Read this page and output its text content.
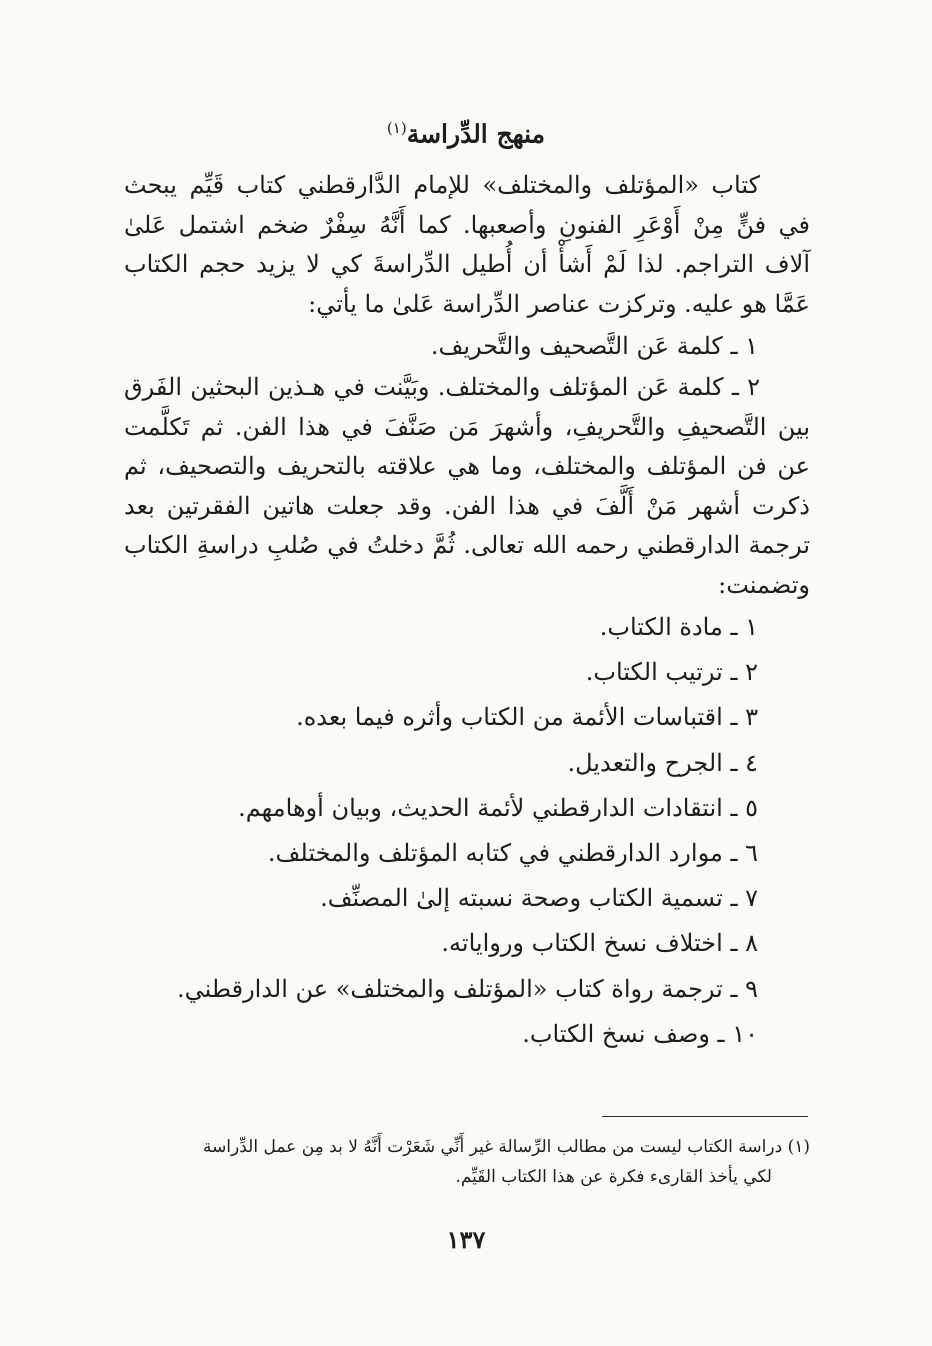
منهج الدِّراسة$^{(١)}$

كتاب «المؤتلف والمختلف» للإمام الدَّارقطني كتاب قَيِّم يبحث في فنٍّ مِنْ أَوْعَرِ الفنونِ وأصعبها. كما أَنَّهُ سِفْرٌ ضخم اشتمل عَلىٰ آلاف التراجم. لذا لَمْ أَشأْ أن أُطيل الدِّراسةَ كي لا يزيد حجم الكتاب عَمَّا هو عليه. وتركزت عناصر الدِّراسة عَلىٰ ما يأتي:

١ ـ كلمة عَن التَّصحيف والتَّحريف.

٢ ـ كلمة عَن المؤتلف والمختلف. وبَيَّنت في هـذين البحثين الفَرق بين التَّصحيفِ والتَّحريفِ، وأشهرَ مَن صَنَّفَ في هذا الفن. ثم تَكلَّمت عن فن المؤتلف والمختلف، وما هي علاقته بالتحريف والتصحيف، ثم ذكرت أشهر مَنْ أَلَّفَ في هذا الفن. وقد جعلت هاتين الفقرتين بعد ترجمة الدارقطني رحمه الله تعالى. ثُمَّ دخلتُ في صُلبِ دراسةِ الكتاب وتضمنت:

١ ـ مادة الكتاب.
٢ ـ ترتيب الكتاب.
٣ ـ اقتباسات الأئمة من الكتاب وأثره فيما بعده.
٤ ـ الجرح والتعديل.
٥ ـ انتقادات الدارقطني لأئمة الحديث، وبيان أوهامهم.
٦ ـ موارد الدارقطني في كتابه المؤتلف والمختلف.
٧ ـ تسمية الكتاب وصحة نسبته إلىٰ المصنِّف.
٨ ـ اختلاف نسخ الكتاب ورواياته.
٩ ـ ترجمة رواة كتاب «المؤتلف والمختلف» عن الدارقطني.
١٠ ـ وصف نسخ الكتاب.
(١) دراسة الكتاب ليست من مطالب الرِّسالة غير أَنِّي شَعَرْت أَنَّهُ لا بد مِن عمل الدِّراسة
لكي يأخذ القارىء فكرة عن هذا الكتاب القَيِّم.
١٣٧
